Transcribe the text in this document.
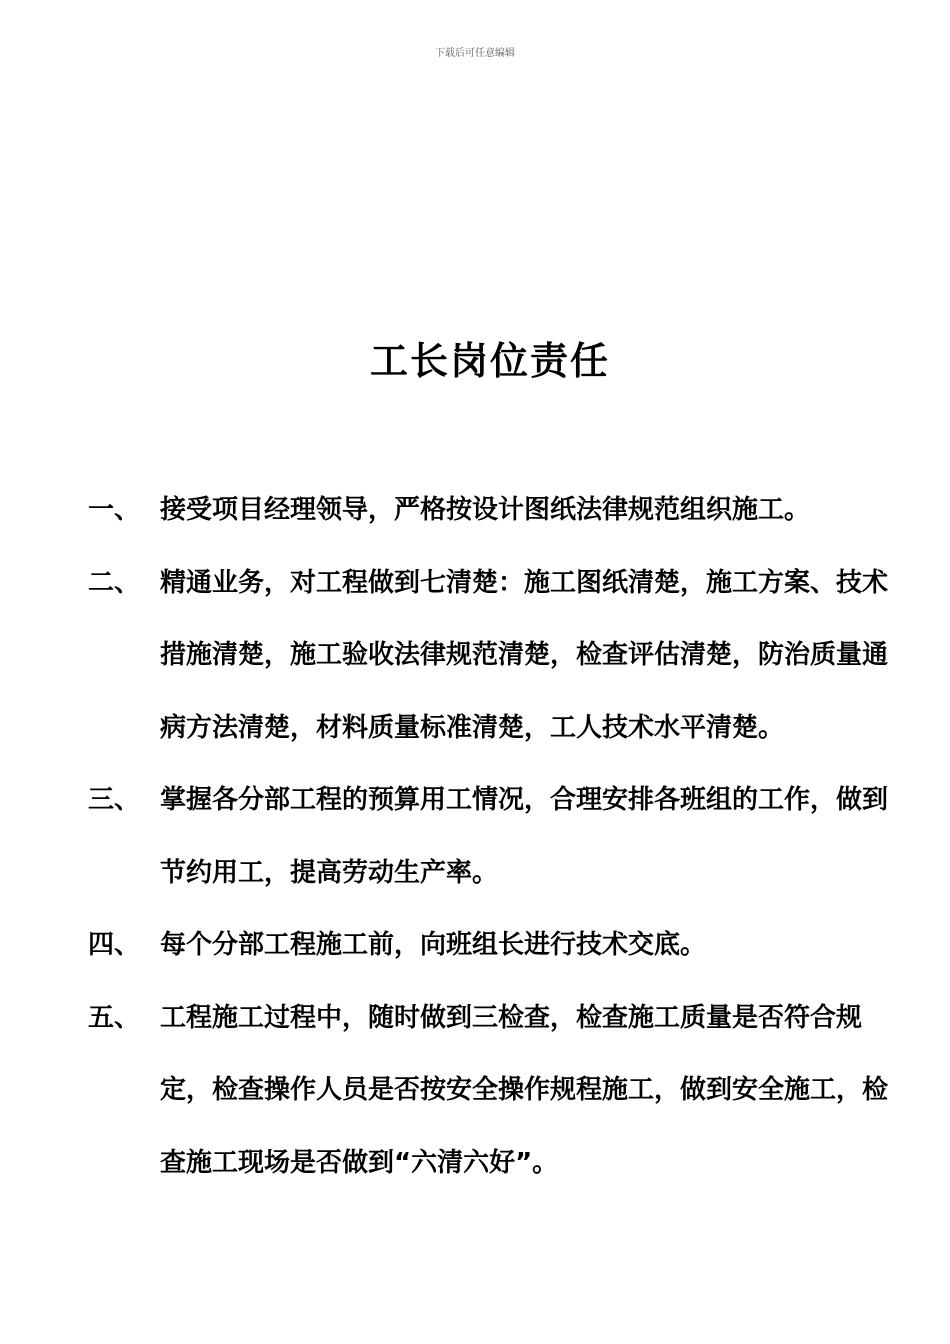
下载后可任意编辑
工长岗位责任
一、 接受项目经理领导，严格按设计图纸法律规范组织施工。
二、 精通业务，对工程做到七清楚：施工图纸清楚，施工方案、技术措施清楚，施工验收法律规范清楚，检查评估清楚，防治质量通病方法清楚，材料质量标准清楚，工人技术水平清楚。
三、 掌握各分部工程的预算用工情况，合理安排各班组的工作，做到节约用工，提高劳动生产率。
四、 每个分部工程施工前，向班组长进行技术交底。
五、 工程施工过程中，随时做到三检查，检查施工质量是否符合规定，检查操作人员是否按安全操作规程施工，做到安全施工，检查施工现场是否做到“六清六好”。
